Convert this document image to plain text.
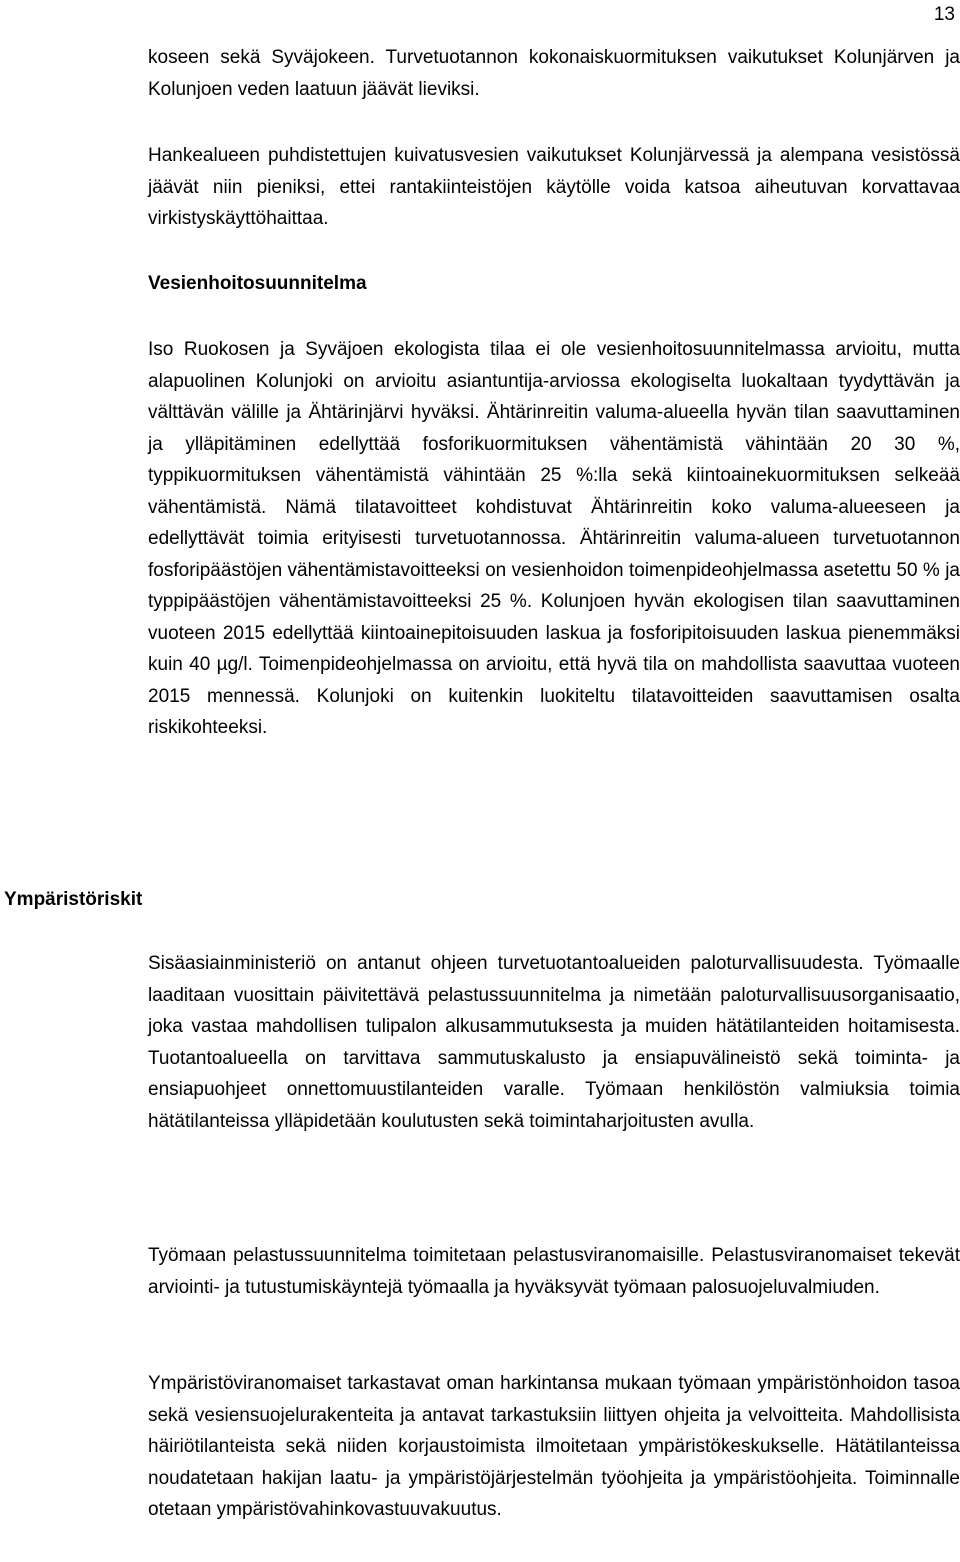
13

koseen sekä Syväjokeen. Turvetuotannon kokonaiskuormituksen vaikutukset Kolunjärven ja Kolunjoen veden laatuun jäävät lieviksi.

Hankealueen puhdistettujen kuivatusvesien vaikutukset Kolunjärvessä ja alempana vesistössä jäävät niin pieniksi, ettei rantakiinteistöjen käytölle voida katsoa aiheutuvan korvattavaa virkistyskäyttöhaittaa.

Vesienhoitosuunnitelma

Iso Ruokosen ja Syväjoen ekologista tilaa ei ole vesienhoitosuunnitelmassa arvioitu, mutta alapuolinen Kolunjoki on arvioitu asiantuntija-arviossa ekologiselta luokaltaan tyydyttävän ja välttävän välille ja Ähtärinjärvi hyväksi. Ähtärinreitin valuma-alueella hyvän tilan saavuttaminen ja ylläpitäminen edellyttää fosforikuormituksen vähentämistä vähintään 20 30 %, typpikuormituksen vähentämistä vähintään 25 %:lla sekä kiintoainekuormituksen selkeää vähentämistä. Nämä tilatavoitteet kohdistuvat Ähtärinreitin koko valuma-alueeseen ja edellyttävät toimia erityisesti turvetuotannossa. Ähtärinreitin valuma-alueen turvetuotannon fosforipäästöjen vähentämistavoitteeksi on vesienhoidon toimenpideohjelmassa asetettu 50 % ja typpipäästöjen vähentämistavoitteeksi 25 %. Kolunjoen hyvän ekologisen tilan saavuttaminen vuoteen 2015 edellyttää kiintoainepitoisuuden laskua ja fosforipitoisuuden laskua pienemmäksi kuin 40 µg/l. Toimenpideohjelmassa on arvioitu, että hyvä tila on mahdollista saavuttaa vuoteen 2015 mennessä. Kolunjoki on kuitenkin luokiteltu tilatavoitteiden saavuttamisen osalta riskikohteeksi.

Ympäristöriskit

Sisäasiainministeriö on antanut ohjeen turvetuotantoalueiden paloturvallisuudesta. Työmaalle laaditaan vuosittain päivitettävä pelastussuunnitelma ja nimetään paloturvallisuusorganisaatio, joka vastaa mahdollisen tulipalon alkusammutuksesta ja muiden hätätilanteiden hoitamisesta. Tuotantoalueella on tarvittava sammutuskalusto ja ensiapuvälineistö sekä toiminta- ja ensiapuohjeet onnettomuustilanteiden varalle. Työmaan henkilöstön valmiuksia toimia hätätilanteissa ylläpidetään koulutusten sekä toimintaharjoitusten avulla.

Työmaan pelastussuunnitelma toimitetaan pelastusviranomaisille. Pelastusviranomaiset tekevät arviointi- ja tutustumiskäyntejä työmaalla ja hyväksyvät työmaan palosuojeluvalmiuden.

Ympäristöviranomaiset tarkastavat oman harkintansa mukaan työmaan ympäristönhoidon tasoa sekä vesiensuojelurakenteita ja antavat tarkastuksiin liittyen ohjeita ja velvoitteita. Mahdollisista häiriötilanteista sekä niiden korjaustoimista ilmoitetaan ympäristökeskukselle. Hätätilanteissa noudatetaan hakijan laatu- ja ympäristöjärjestelmän työohjeita ja ympäristöohjeita. Toiminnalle otetaan ympäristövahinkovastuuvakuutus.
